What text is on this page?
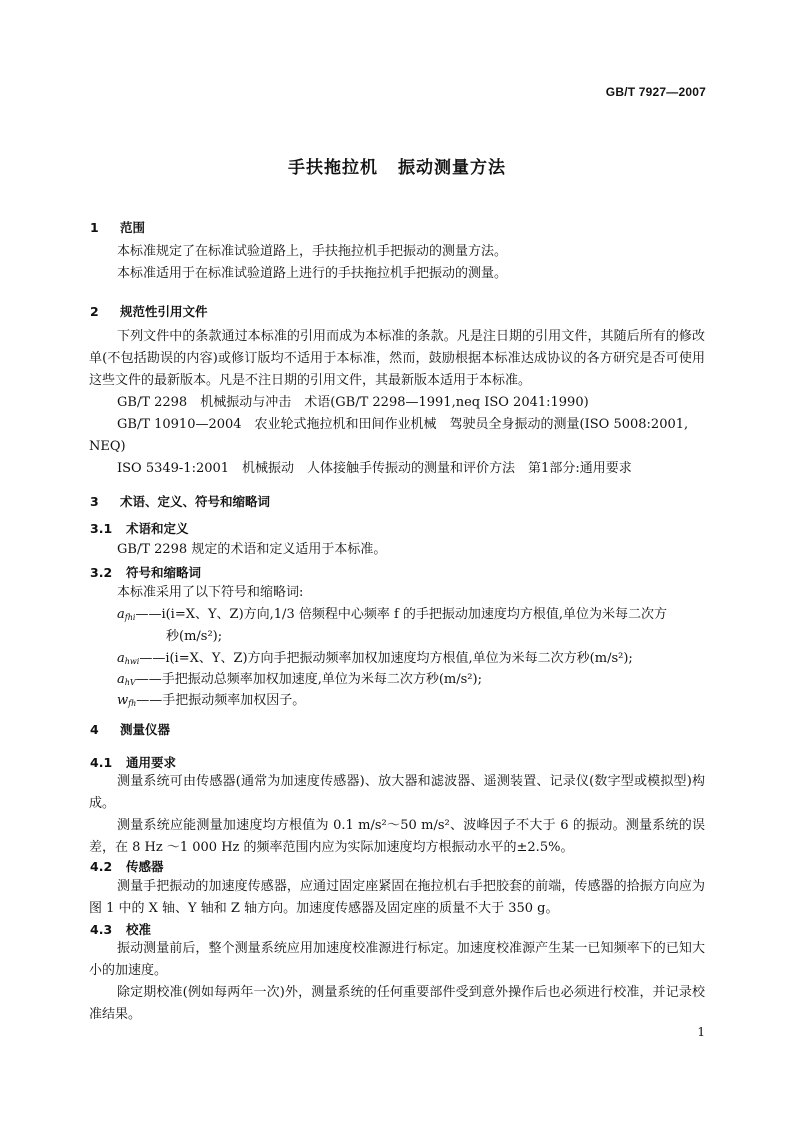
GB/T 7927—2007
手扶拖拉机 振动测量方法
1 范围
本标准规定了在标准试验道路上，手扶拖拉机手把振动的测量方法。
本标准适用于在标准试验道路上进行的手扶拖拉机手把振动的测量。
2 规范性引用文件
下列文件中的条款通过本标准的引用而成为本标准的条款。凡是注日期的引用文件，其随后所有的修改单(不包括勘误的内容)或修订版均不适用于本标准，然而，鼓励根据本标准达成协议的各方研究是否可使用这些文件的最新版本。凡是不注日期的引用文件，其最新版本适用于本标准。
GB/T 2298　机械振动与冲击　术语(GB/T 2298—1991,neq ISO 2041:1990)
GB/T 10910—2004　农业轮式拖拉机和田间作业机械　驾驶员全身振动的测量(ISO 5008:2001,
NEQ)
ISO 5349-1:2001　机械振动　人体接触手传振动的测量和评价方法　第1部分:通用要求
3 术语、定义、符号和缩略词
3.1 术语和定义
GB/T 2298 规定的术语和定义适用于本标准。
3.2 符号和缩略词
本标准采用了以下符号和缩略词:
$a_{fhi}——i(i=X$、Y、Z)方向,1/3 倍频程中心频率 f 的手把振动加速度均方根值,单位为米每二次方
秒(m/s²);
$a_{hwi}——i(i=X$、Y、Z)方向手把振动频率加权加速度均方根值,单位为米每二次方秒(m/s²);
$a_{hV}——$手把振动总频率加权加速度,单位为米每二次方秒(m/s²);
$w_{fh}——$手把振动频率加权因子。
4 测量仪器
4.1 通用要求
测量系统可由传感器(通常为加速度传感器)、放大器和滤波器、遥测装置、记录仪(数字型或模拟型)构成。
测量系统应能测量加速度均方根值为 0.1 m/s²～50 m/s²、波峰因子不大于 6 的振动。测量系统的误差，在 8 Hz ～1 000 Hz 的频率范围内应为实际加速度均方根振动水平的±2.5%。
4.2 传感器
测量手把振动的加速度传感器，应通过固定座紧固在拖拉机右手把胶套的前端，传感器的拾振方向应为图 1 中的 X 轴、Y 轴和 Z 轴方向。加速度传感器及固定座的质量不大于 350 g。
4.3 校准
振动测量前后，整个测量系统应用加速度校准源进行标定。加速度校准源产生某一已知频率下的已知大小的加速度。
除定期校准(例如每两年一次)外，测量系统的任何重要部件受到意外操作后也必须进行校准，并记录校准结果。
1
